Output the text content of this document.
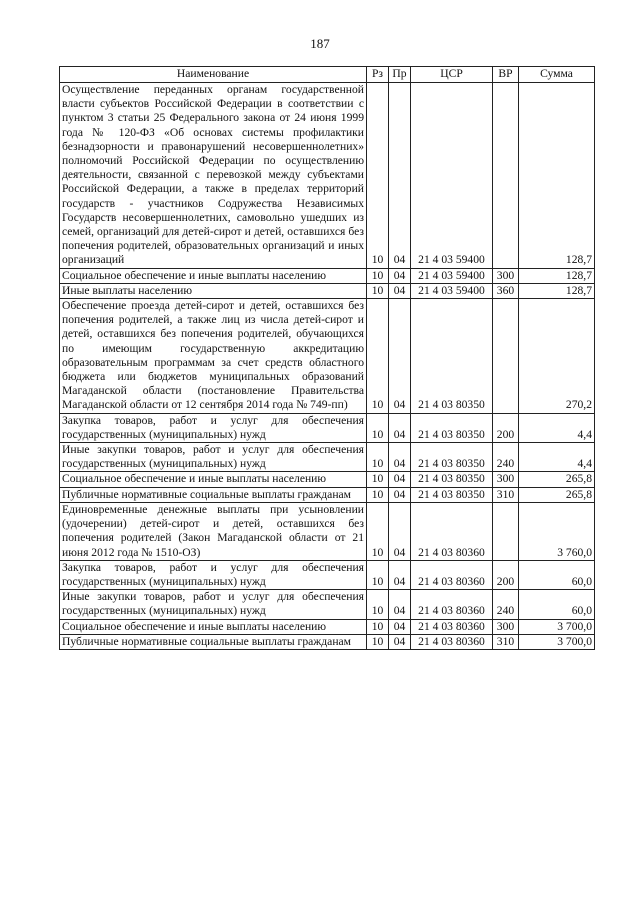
187
Наименование	Рз	Пр	ЦСР	ВР	Сумма
Осуществление переданных органам государственной власти субъектов Российской Федерации в соответствии с пунктом 3 статьи 25 Федерального закона от 24 июня 1999 года № 120-ФЗ «Об основах системы профилактики безнадзорности и правонарушений несовершеннолетних» полномочий Российской Федерации по осуществлению деятельности, связанной с перевозкой между субъектами Российской Федерации, а также в пределах территорий государств - участников Содружества Независимых Государств несовершеннолетних, самовольно ушедших из семей, организаций для детей-сирот и детей, оставшихся без попечения родителей, образовательных организаций и иных организаций	10	04	21 4 03 59400		128,7
Социальное обеспечение и иные выплаты населению	10	04	21 4 03 59400	300	128,7
Иные выплаты населению	10	04	21 4 03 59400	360	128,7
Обеспечение проезда детей-сирот и детей, оставшихся без попечения родителей, а также лиц из числа детей-сирот и детей, оставшихся без попечения родителей, обучающихся по имеющим государственную аккредитацию образовательным программам за счет средств областного бюджета или бюджетов муниципальных образований Магаданской области (постановление Правительства Магаданской области от 12 сентября 2014 года № 749-пп)	10	04	21 4 03 80350		270,2
Закупка товаров, работ и услуг для обеспечения государственных (муниципальных) нужд	10	04	21 4 03 80350	200	4,4
Иные закупки товаров, работ и услуг для обеспечения государственных (муниципальных) нужд	10	04	21 4 03 80350	240	4,4
Социальное обеспечение и иные выплаты населению	10	04	21 4 03 80350	300	265,8
Публичные нормативные социальные выплаты гражданам	10	04	21 4 03 80350	310	265,8
Единовременные денежные выплаты при усыновлении (удочерении) детей-сирот и детей, оставшихся без попечения родителей (Закон Магаданской области от 21 июня 2012 года № 1510-ОЗ)	10	04	21 4 03 80360		3 760,0
Закупка товаров, работ и услуг для обеспечения государственных (муниципальных) нужд	10	04	21 4 03 80360	200	60,0
Иные закупки товаров, работ и услуг для обеспечения государственных (муниципальных) нужд	10	04	21 4 03 80360	240	60,0
Социальное обеспечение и иные выплаты населению	10	04	21 4 03 80360	300	3 700,0
Публичные нормативные социальные выплаты гражданам	10	04	21 4 03 80360	310	3 700,0
